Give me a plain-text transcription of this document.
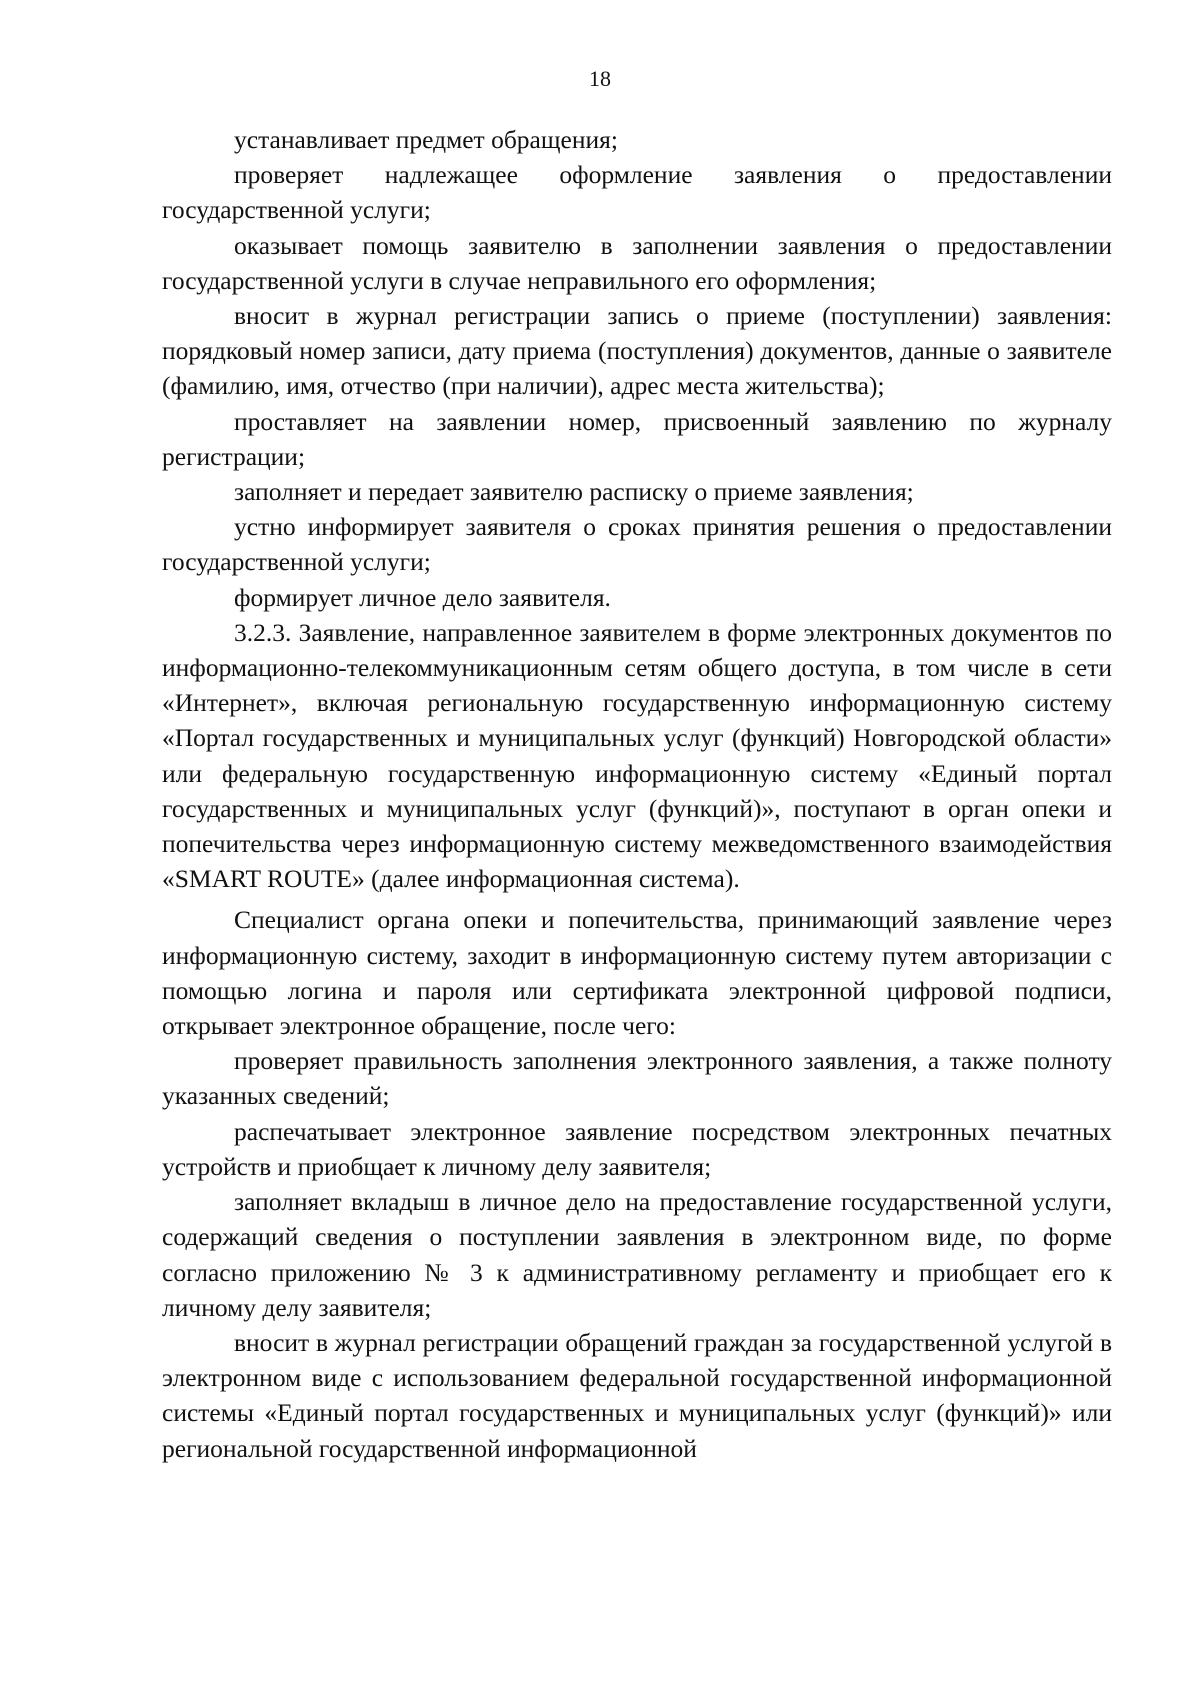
18

устанавливает предмет обращения;

проверяет надлежащее оформление заявления о предоставлении государственной услуги;

оказывает помощь заявителю в заполнении заявления о предоставлении государственной услуги в случае неправильного его оформления;

вносит в журнал регистрации запись о приеме (поступлении) заявления: порядковый номер записи, дату приема (поступления) документов, данные о заявителе (фамилию, имя, отчество (при наличии), адрес места жительства);

проставляет на заявлении номер, присвоенный заявлению по журналу регистрации;

заполняет и передает заявителю расписку о приеме заявления;

устно информирует заявителя о сроках принятия решения о предоставлении государственной услуги;

формирует личное дело заявителя.

3.2.3. Заявление, направленное заявителем в форме электронных документов по информационно-телекоммуникационным сетям общего доступа, в том числе в сети «Интернет», включая региональную государственную информационную систему «Портал государственных и муниципальных услуг (функций) Новгородской области» или федеральную государственную информационную систему «Единый портал государственных и муниципальных услуг (функций)», поступают в орган опеки и попечительства через информационную систему межведомственного взаимодействия «SMART ROUTE» (далее информационная система).

Специалист органа опеки и попечительства, принимающий заявление через информационную систему, заходит в информационную систему путем авторизации с помощью логина и пароля или сертификата электронной цифровой подписи, открывает электронное обращение, после чего:

проверяет правильность заполнения электронного заявления, а также полноту указанных сведений;

распечатывает электронное заявление посредством электронных печатных устройств и приобщает к личному делу заявителя;

заполняет вкладыш в личное дело на предоставление государственной услуги, содержащий сведения о поступлении заявления в электронном виде, по форме согласно приложению № 3 к административному регламенту и приобщает его к личному делу заявителя;

вносит в журнал регистрации обращений граждан за государственной услугой в электронном виде с использованием федеральной государственной информационной системы «Единый портал государственных и муниципальных услуг (функций)» или региональной государственной информационной
